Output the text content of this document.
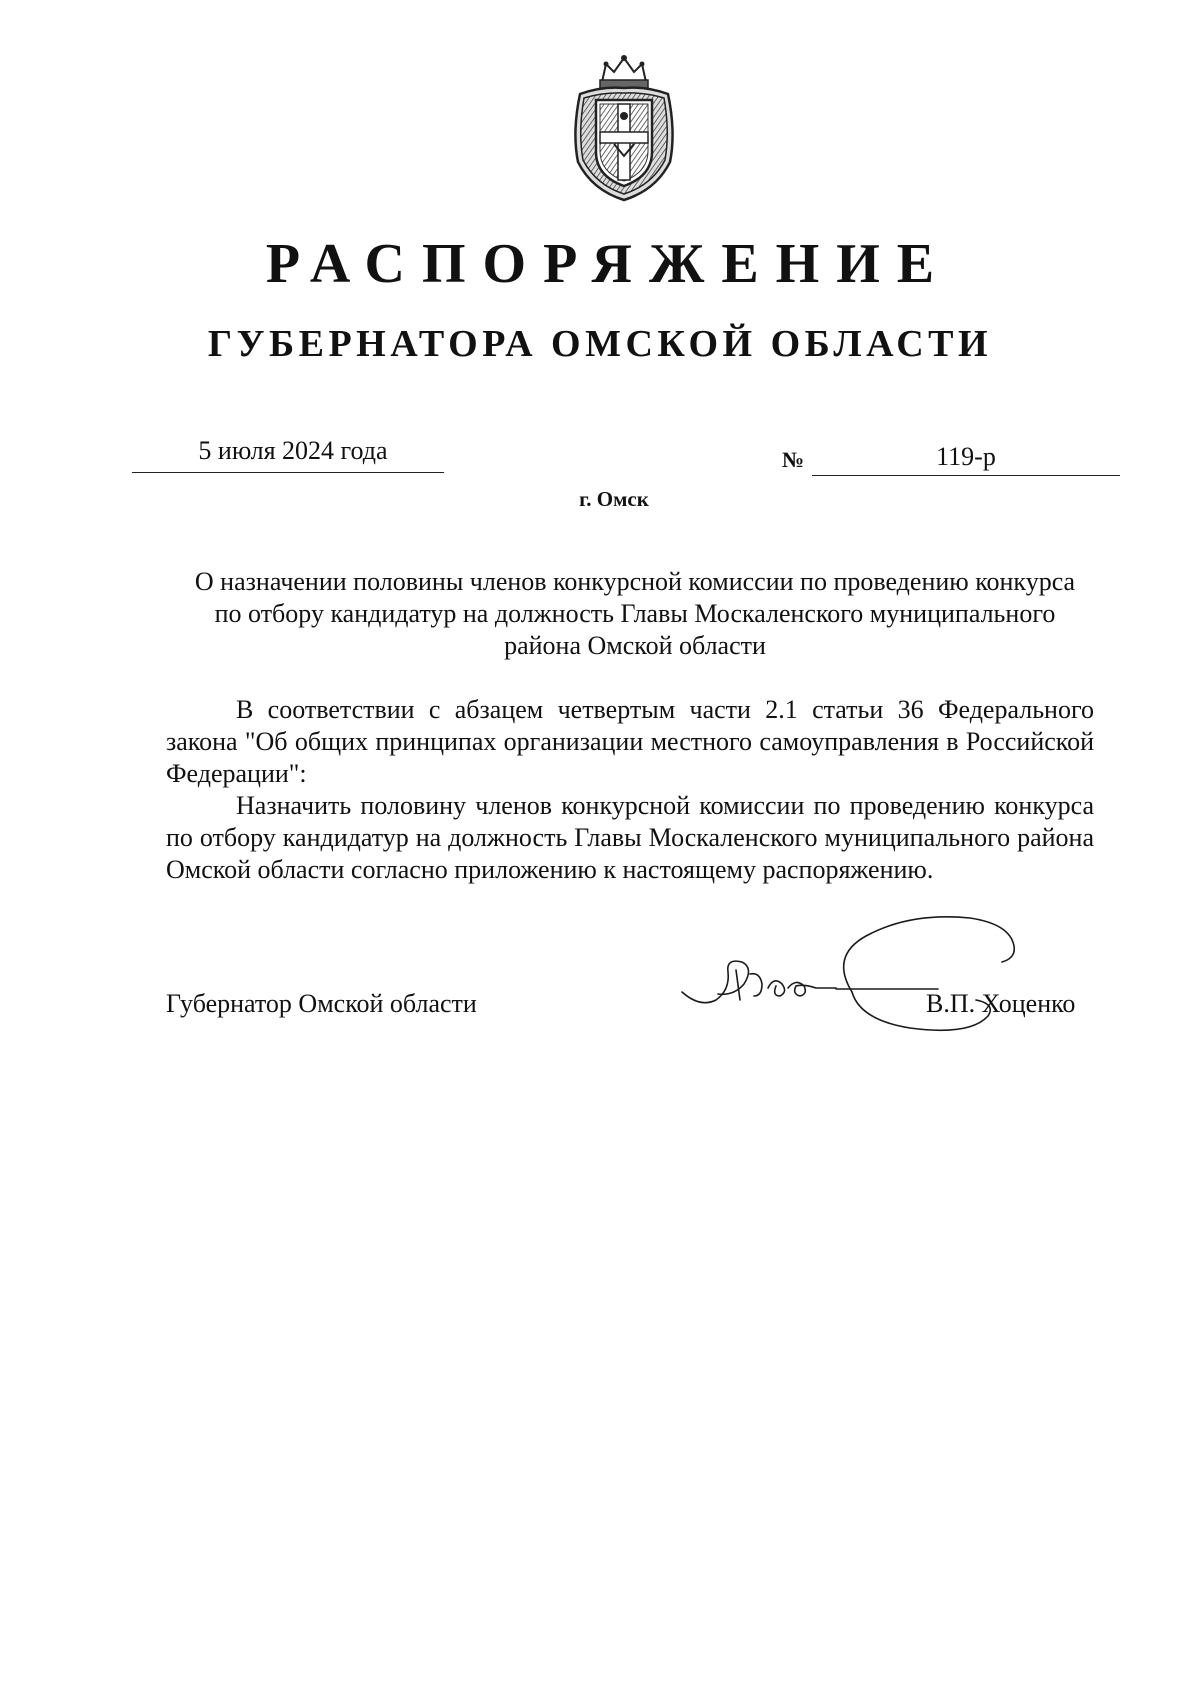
РАСПОРЯЖЕНИЕ
ГУБЕРНАТОРА ОМСКОЙ ОБЛАСТИ
5 июля 2024 года	№	119-р
г. Омск
О назначении половины членов конкурсной комиссии по проведению конкурса по отбору кандидатур на должность Главы Москаленского муниципального района Омской области

В соответствии с абзацем четвертым части 2.1 статьи 36 Федерального закона "Об общих принципах организации местного самоуправления в Российской Федерации":

Назначить половину членов конкурсной комиссии по проведению конкурса по отбору кандидатур на должность Главы Москаленского муниципального района Омской области согласно приложению к настоящему распоряжению.

Губернатор Омской области	В.П. Хоценко
